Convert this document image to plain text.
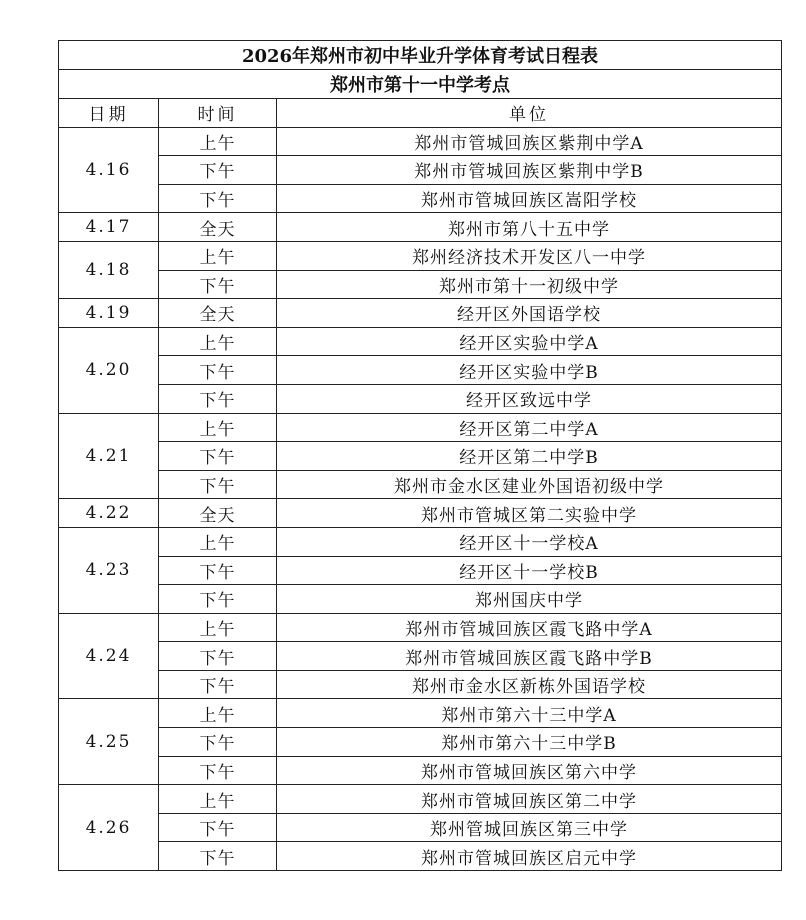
2026年郑州市初中毕业升学体育考试日程表		
郑州市第十一中学考点		
日期	时间	单位
4.16	上午	郑州市管城回族区紫荆中学A
	下午	郑州市管城回族区紫荆中学B
	下午	郑州市管城回族区嵩阳学校
4.17	全天	郑州市第八十五中学
4.18	上午	郑州经济技术开发区八一中学
	下午	郑州市第十一初级中学
4.19	全天	经开区外国语学校
4.20	上午	经开区实验中学A
	下午	经开区实验中学B
	下午	经开区致远中学
4.21	上午	经开区第二中学A
	下午	经开区第二中学B
	下午	郑州市金水区建业外国语初级中学
4.22	全天	郑州市管城区第二实验中学
4.23	上午	经开区十一学校A
	下午	经开区十一学校B
	下午	郑州国庆中学
4.24	上午	郑州市管城回族区霞飞路中学A
	下午	郑州市管城回族区霞飞路中学B
	下午	郑州市金水区新栋外国语学校
4.25	上午	郑州市第六十三中学A
	下午	郑州市第六十三中学B
	下午	郑州市管城回族区第六中学
4.26	上午	郑州市管城回族区第二中学
	下午	郑州管城回族区第三中学
	下午	郑州市管城回族区启元中学
